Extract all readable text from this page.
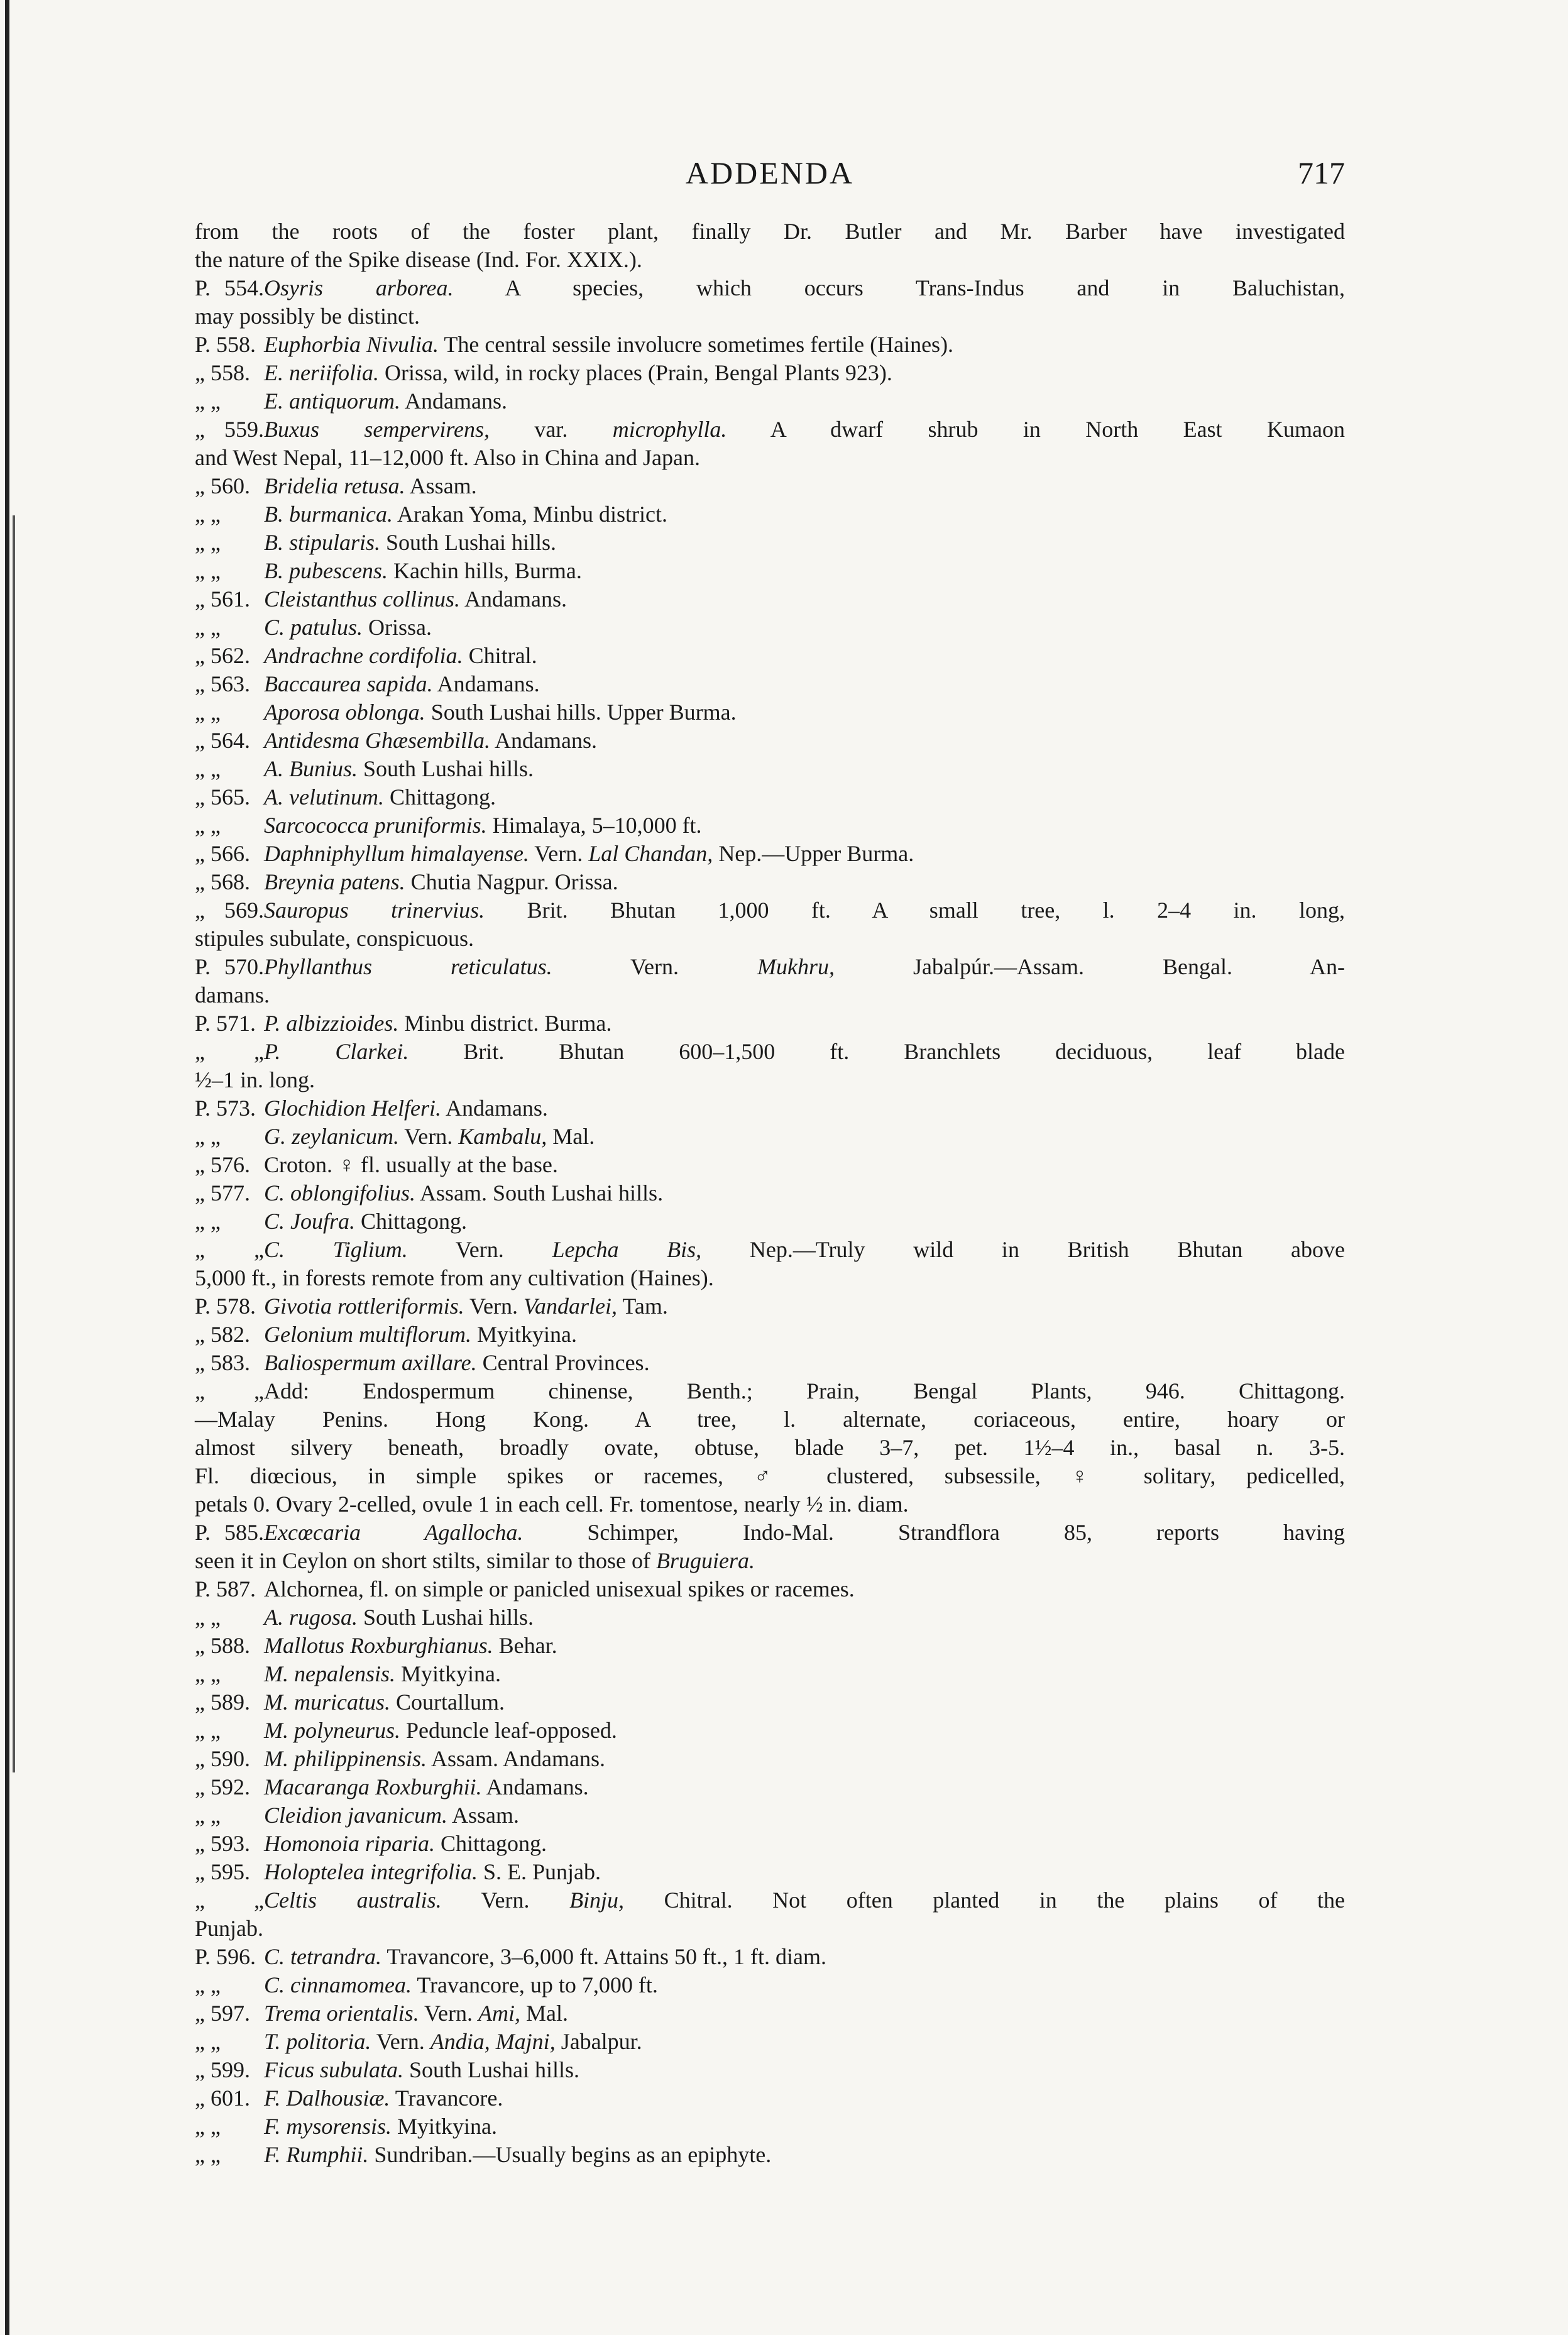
ADDENDA	717
from the roots of the foster plant, finally Dr. Butler and Mr. Barber have investigated
the nature of the Spike disease (Ind. For. XXIX.).
P. 554.Osyris arborea. A species, which occurs Trans-Indus and in Baluchistan,
may possibly be distinct.
P. 558. Euphorbia Nivulia. The central sessile involucre sometimes fertile (Haines).
„ 558. E. neriifolia. Orissa, wild, in rocky places (Prain, Bengal Plants 923).
„ „ E. antiquorum. Andamans.
„ 559.Buxus sempervirens, var. microphylla. A dwarf shrub in North East Kumaon
and West Nepal, 11–12,000 ft. Also in China and Japan.
„ 560. Bridelia retusa. Assam.
„ „ B. burmanica. Arakan Yoma, Minbu district.
„ „ B. stipularis. South Lushai hills.
„ „ B. pubescens. Kachin hills, Burma.
„ 561. Cleistanthus collinus. Andamans.
„ „ C. patulus. Orissa.
„ 562. Andrachne cordifolia. Chitral.
„ 563. Baccaurea sapida. Andamans.
„ „ Aporosa oblonga. South Lushai hills. Upper Burma.
„ 564. Antidesma Ghæsembilla. Andamans.
„ „ A. Bunius. South Lushai hills.
„ 565. A. velutinum. Chittagong.
„ „ Sarcococca pruniformis. Himalaya, 5–10,000 ft.
„ 566. Daphniphyllum himalayense. Vern. Lal Chandan, Nep.—Upper Burma.
„ 568. Breynia patens. Chutia Nagpur. Orissa.
„ 569.Sauropus trinervius. Brit. Bhutan 1,000 ft. A small tree, l. 2–4 in. long,
stipules subulate, conspicuous.
P. 570.Phyllanthus reticulatus. Vern. Mukhru, Jabalpúr.—Assam. Bengal. An-
damans.
P. 571. P. albizzioides. Minbu district. Burma.
„ „P. Clarkei. Brit. Bhutan 600–1,500 ft. Branchlets deciduous, leaf blade
½–1 in. long.
P. 573. Glochidion Helferi. Andamans.
„ „ G. zeylanicum. Vern. Kambalu, Mal.
„ 576. Croton. ♀ fl. usually at the base.
„ 577. C. oblongifolius. Assam. South Lushai hills.
„ „ C. Joufra. Chittagong.
„ „C. Tiglium. Vern. Lepcha Bis, Nep.—Truly wild in British Bhutan above
5,000 ft., in forests remote from any cultivation (Haines).
P. 578. Givotia rottleriformis. Vern. Vandarlei, Tam.
„ 582. Gelonium multiflorum. Myitkyina.
„ 583. Baliospermum axillare. Central Provinces.
„ „Add: Endospermum chinense, Benth.; Prain, Bengal Plants, 946. Chittagong.
—Malay Penins. Hong Kong. A tree, l. alternate, coriaceous, entire, hoary or
almost silvery beneath, broadly ovate, obtuse, blade 3–7, pet. 1½–4 in., basal n. 3-5.
Fl. diœcious, in simple spikes or racemes, ♂ clustered, subsessile, ♀ solitary, pedicelled,
petals 0. Ovary 2-celled, ovule 1 in each cell. Fr. tomentose, nearly ½ in. diam.
P. 585.Excœcaria Agallocha. Schimper, Indo-Mal. Strandflora 85, reports having
seen it in Ceylon on short stilts, similar to those of Bruguiera.
P. 587. Alchornea, fl. on simple or panicled unisexual spikes or racemes.
„ „ A. rugosa. South Lushai hills.
„ 588. Mallotus Roxburghianus. Behar.
„ „ M. nepalensis. Myitkyina.
„ 589. M. muricatus. Courtallum.
„ „ M. polyneurus. Peduncle leaf-opposed.
„ 590. M. philippinensis. Assam. Andamans.
„ 592. Macaranga Roxburghii. Andamans.
„ „ Cleidion javanicum. Assam.
„ 593. Homonoia riparia. Chittagong.
„ 595. Holoptelea integrifolia. S. E. Punjab.
„ „Celtis australis. Vern. Binju, Chitral. Not often planted in the plains of the
Punjab.
P. 596. C. tetrandra. Travancore, 3–6,000 ft. Attains 50 ft., 1 ft. diam.
„ „ C. cinnamomea. Travancore, up to 7,000 ft.
„ 597. Trema orientalis. Vern. Ami, Mal.
„ „ T. politoria. Vern. Andia, Majni, Jabalpur.
„ 599. Ficus subulata. South Lushai hills.
„ 601. F. Dalhousiæ. Travancore.
„ „ F. mysorensis. Myitkyina.
„ „ F. Rumphii. Sundriban.—Usually begins as an epiphyte.
